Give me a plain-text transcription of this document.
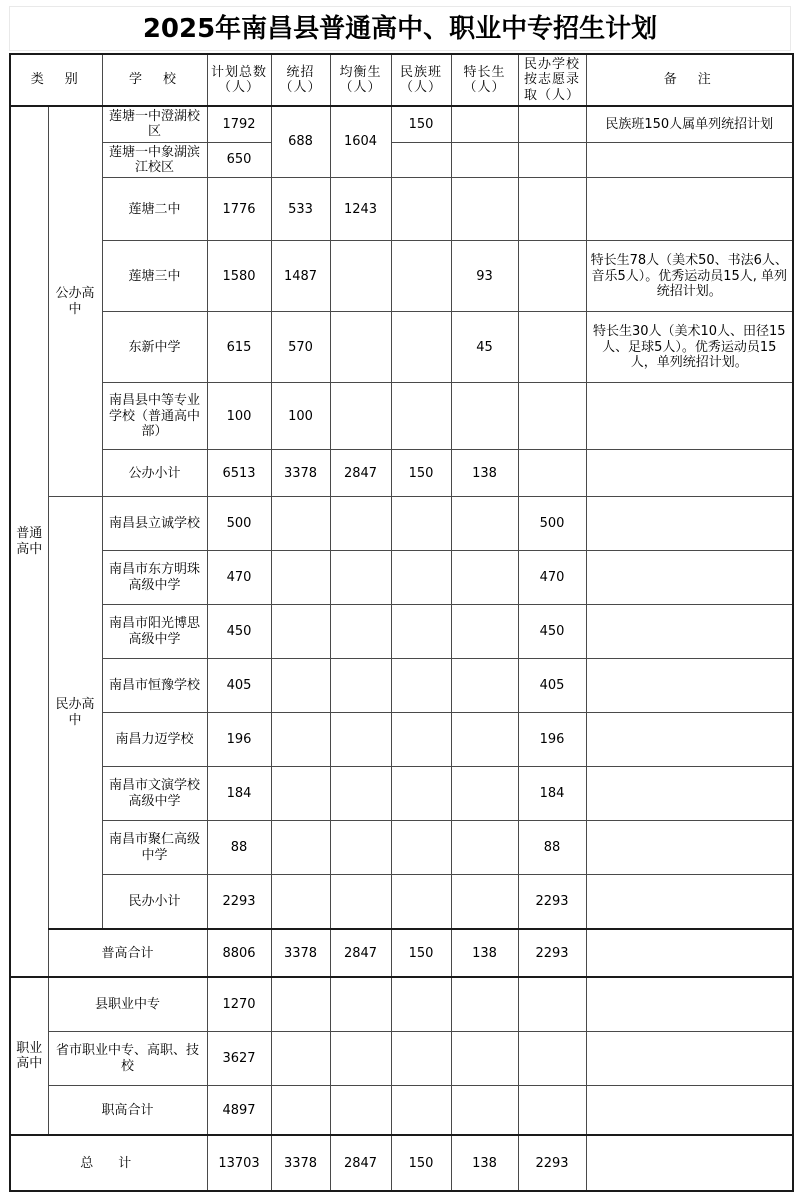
2025年南昌县普通高中、职业中专招生计划
类　别		学　校	计划总数（人）	统招（人）	均衡生（人）	民族班（人）	特长生（人）	民办学校按志愿录取（人）	备　注
普通高中	公办高中	莲塘一中澄湖校区	1792	688	1604	150			民族班150人属单列统招计划
		莲塘一中象湖滨江校区	650						
		莲塘二中	1776	533	1243				
		莲塘三中	1580	1487			93		特长生78人（美术50、书法6人、音乐5人）。优秀运动员15人, 单列统招计划。
		东新中学	615	570			45		特长生30人（美术10人、田径15人、足球5人）。优秀运动员15人，单列统招计划。
		南昌县中等专业学校（普通高中部）	100	100					
		公办小计	6513	3378	2847	150	138		
	民办高中	南昌县立诚学校	500					500	
		南昌市东方明珠高级中学	470					470	
		南昌市阳光博思高级中学	450					450	
		南昌市恒豫学校	405					405	
		南昌力迈学校	196					196	
		南昌市文演学校高级中学	184					184	
		南昌市聚仁高级中学	88					88	
		民办小计	2293					2293	
	普高合计		8806	3378	2847	150	138	2293	
职业高中	县职业中专		1270						
	省市职业中专、高职、技校		3627						
	职高合计		4897						
总　计			13703	3378	2847	150	138	2293	
